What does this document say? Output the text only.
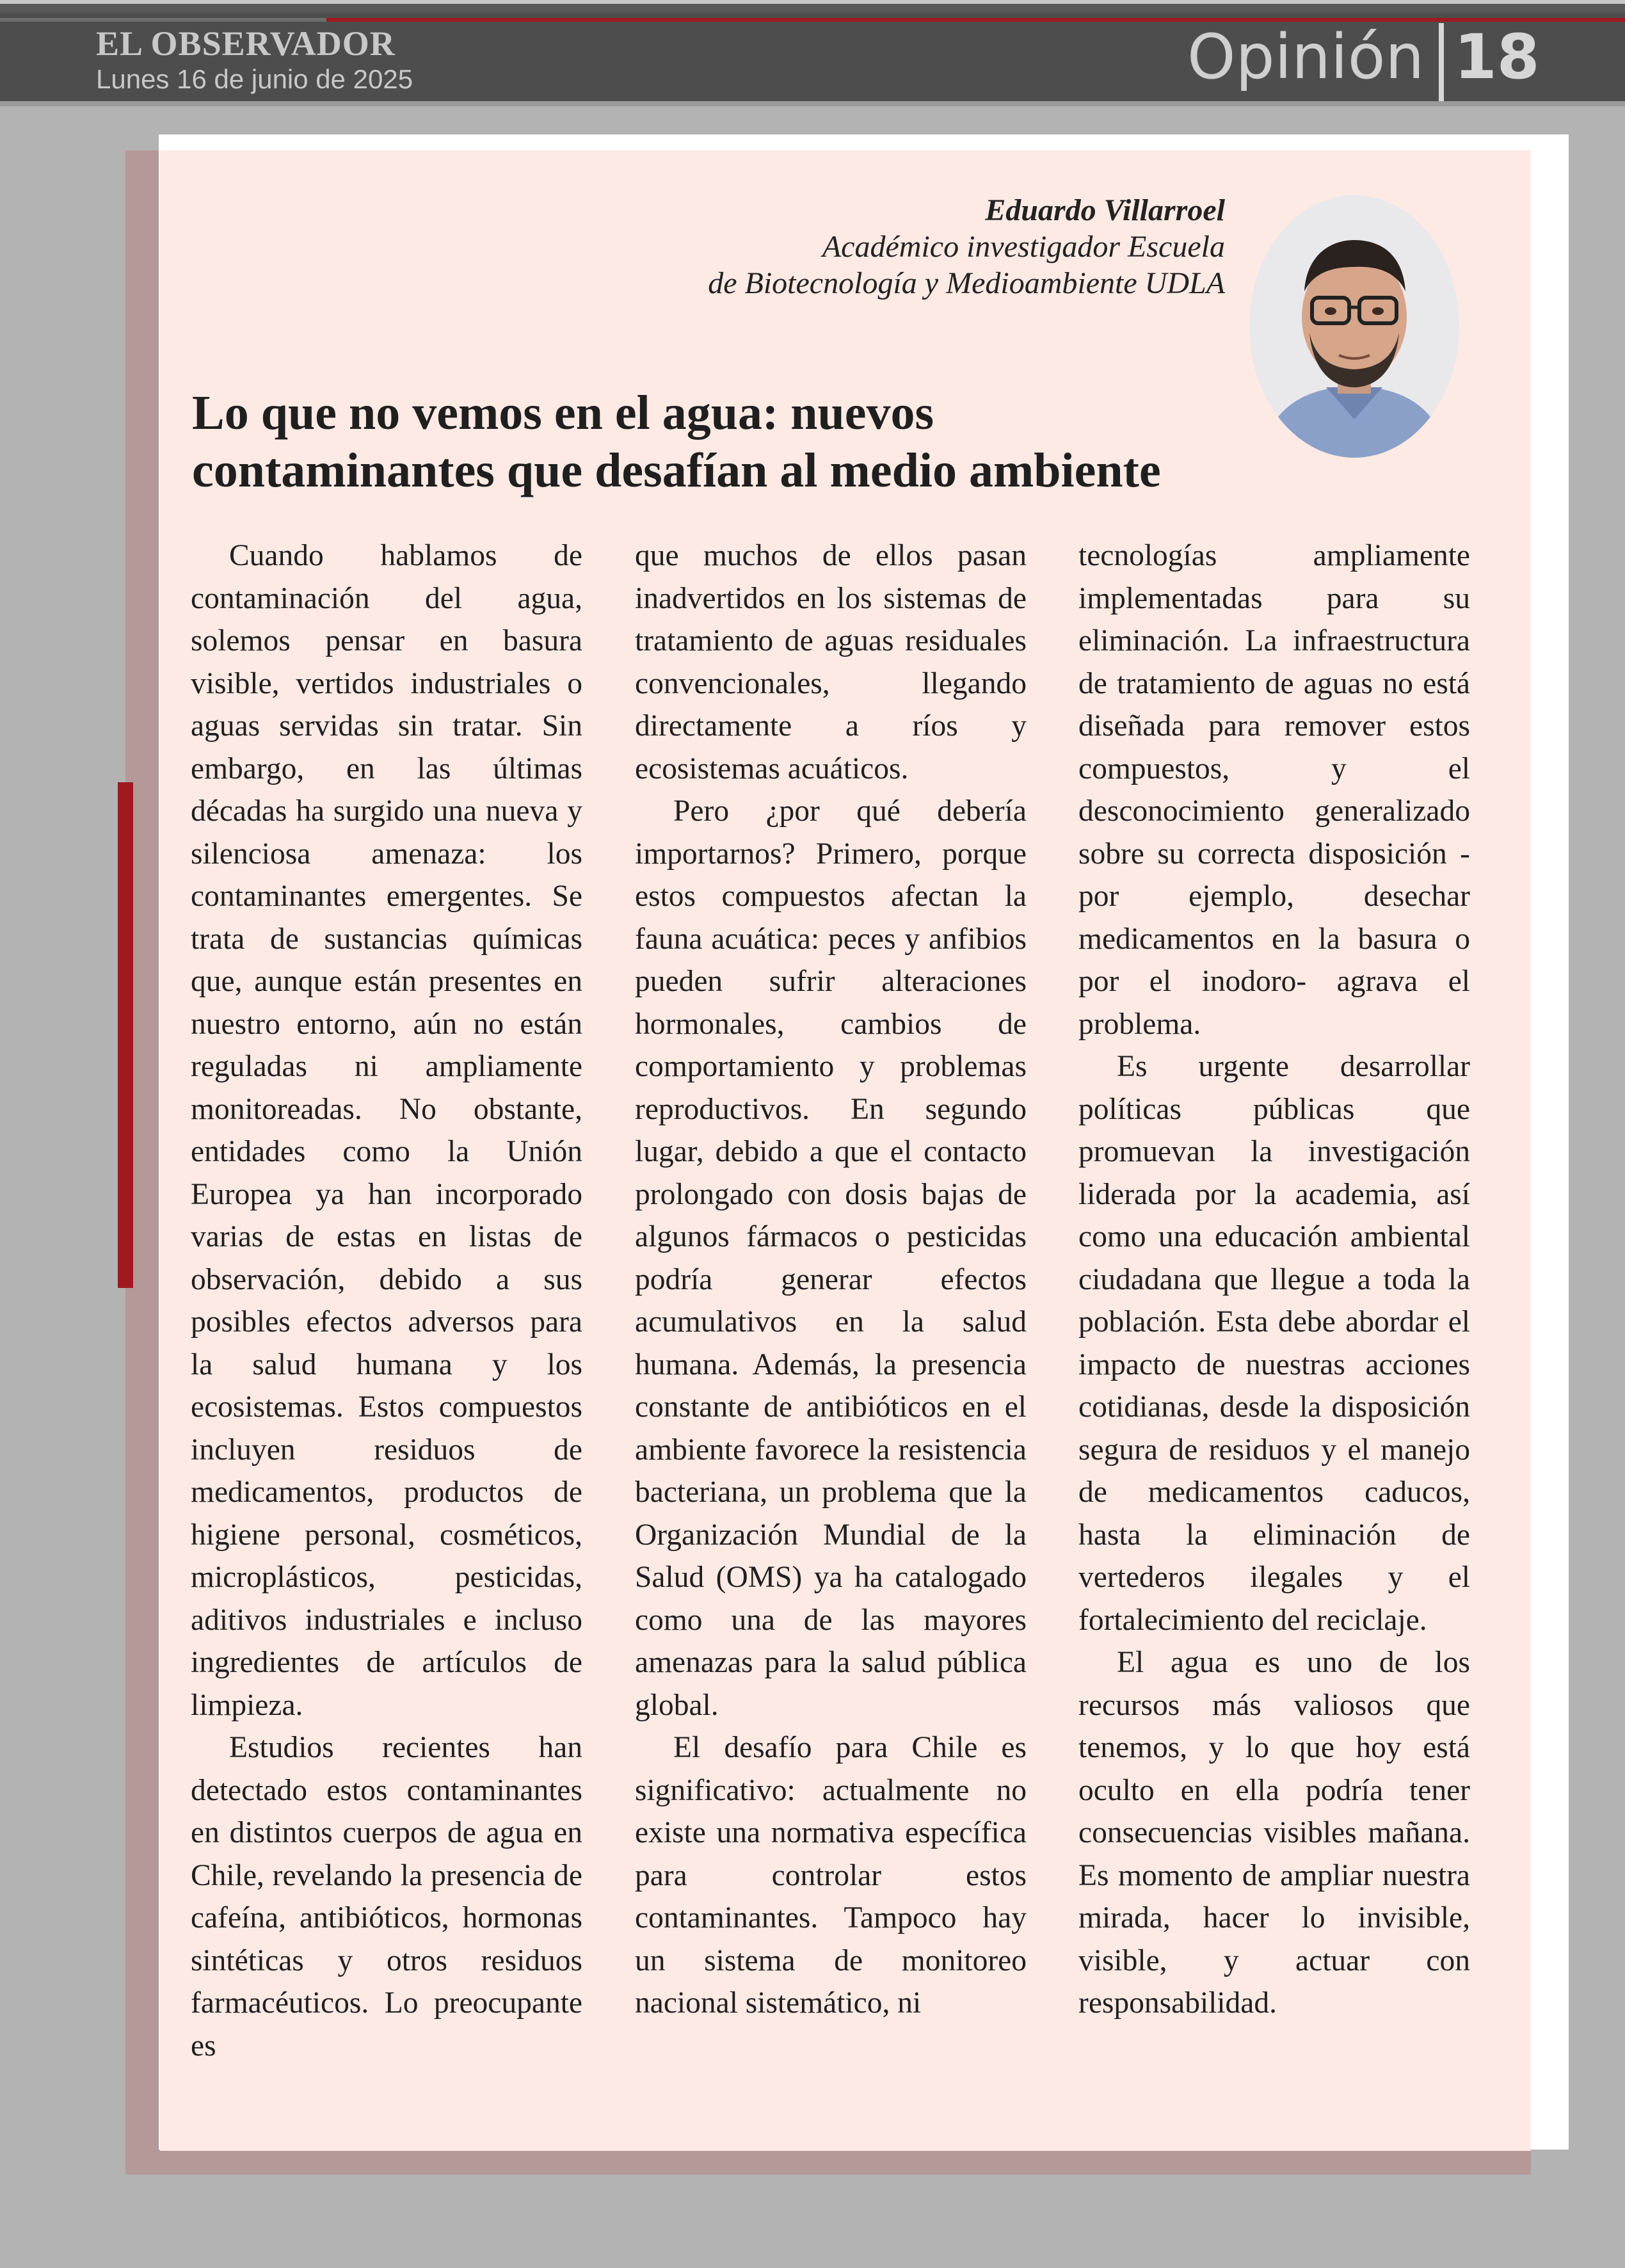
EL OBSERVADOR
Lunes 16 de junio de 2025	Opinión 18
Eduardo Villarroel
Académico investigador Escuela
de Biotecnología y Medioambiente UDLA
Lo que no vemos en el agua: nuevos
contaminantes que desafían al medio ambiente

Cuando hablamos de contaminación del agua, solemos pensar en basura visible, vertidos industriales o aguas servidas sin tratar. Sin embargo, en las últimas décadas ha surgido una nueva y silenciosa amenaza: los contaminantes emergentes. Se trata de sustancias químicas que, aunque están presentes en nuestro entorno, aún no están reguladas ni ampliamente monitoreadas. No obstante, entidades como la Unión Europea ya han incorporado varias de estas en listas de observación, debido a sus posibles efectos adversos para la salud humana y los ecosistemas. Estos compuestos incluyen residuos de medicamentos, productos de higiene personal, cosméticos, microplásticos, pesticidas, aditivos industriales e incluso ingredientes de artículos de limpieza.

Estudios recientes han detectado estos contaminantes en distintos cuerpos de agua en Chile, revelando la presencia de cafeína, antibióticos, hormonas sintéticas y otros residuos farmacéuticos. Lo preocupante es

que muchos de ellos pasan inadvertidos en los sistemas de tratamiento de aguas residuales convencionales, llegando directamente a ríos y ecosistemas acuáticos.

Pero ¿por qué debería importarnos? Primero, porque estos compuestos afectan la fauna acuática: peces y anfibios pueden sufrir alteraciones hormonales, cambios de comportamiento y problemas reproductivos. En segundo lugar, debido a que el contacto prolongado con dosis bajas de algunos fármacos o pesticidas podría generar efectos acumulativos en la salud humana. Además, la presencia constante de antibióticos en el ambiente favorece la resistencia bacteriana, un problema que la Organización Mundial de la Salud (OMS) ya ha catalogado como una de las mayores amenazas para la salud pública global.

El desafío para Chile es significativo: actualmente no existe una normativa específica para controlar estos contaminantes. Tampoco hay un sistema de monitoreo nacional sistemático, ni

tecnologías ampliamente implementadas para su eliminación. La infraestructura de tratamiento de aguas no está diseñada para remover estos compuestos, y el desconocimiento generalizado sobre su correcta disposición -por ejemplo, desechar medicamentos en la basura o por el inodoro- agrava el problema.

Es urgente desarrollar políticas públicas que promuevan la investigación liderada por la academia, así como una educación ambiental ciudadana que llegue a toda la población. Esta debe abordar el impacto de nuestras acciones cotidianas, desde la disposición segura de residuos y el manejo de medicamentos caducos, hasta la eliminación de vertederos ilegales y el fortalecimiento del reciclaje.

El agua es uno de los recursos más valiosos que tenemos, y lo que hoy está oculto en ella podría tener consecuencias visibles mañana. Es momento de ampliar nuestra mirada, hacer lo invisible, visible, y actuar con responsabilidad.
